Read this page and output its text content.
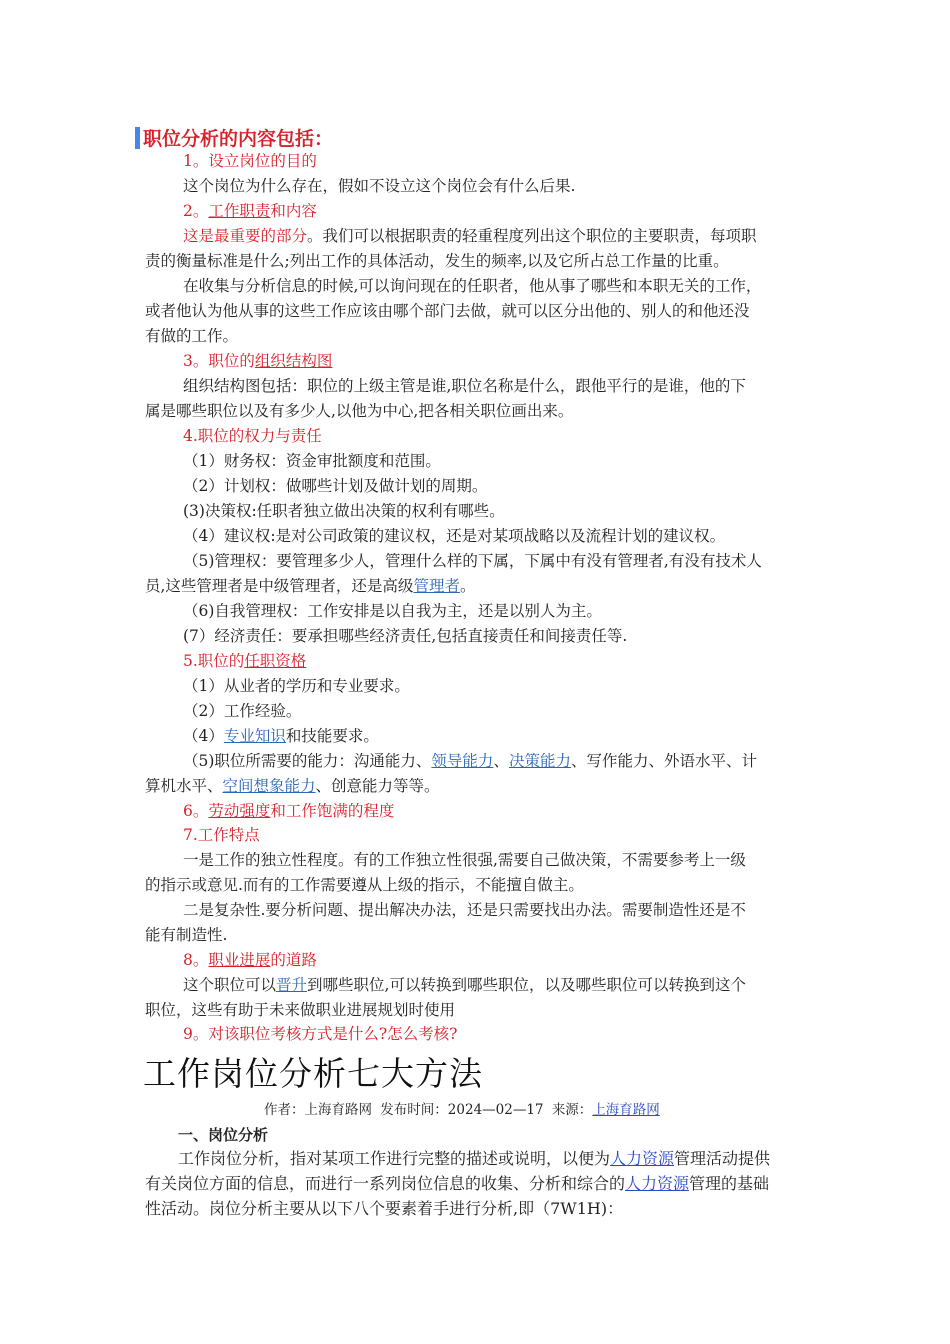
职位分析的内容包括：
1。设立岗位的目的
这个岗位为什么存在，假如不设立这个岗位会有什么后果.
2。工作职责和内容
这是最重要的部分。我们可以根据职责的轻重程度列出这个职位的主要职责，每项职
责的衡量标准是什么;列出工作的具体活动，发生的频率,以及它所占总工作量的比重。
在收集与分析信息的时候,可以询问现在的任职者，他从事了哪些和本职无关的工作，
或者他认为他从事的这些工作应该由哪个部门去做，就可以区分出他的、别人的和他还没
有做的工作。
3。职位的组织结构图
组织结构图包括：职位的上级主管是谁,职位名称是什么，跟他平行的是谁，他的下
属是哪些职位以及有多少人,以他为中心,把各相关职位画出来。
4.职位的权力与责任
（1）财务权：资金审批额度和范围。
（2）计划权：做哪些计划及做计划的周期。
(3)决策权:任职者独立做出决策的权利有哪些。
（4）建议权:是对公司政策的建议权，还是对某项战略以及流程计划的建议权。
（5)管理权：要管理多少人，管理什么样的下属，下属中有没有管理者,有没有技术人
员,这些管理者是中级管理者，还是高级管理者。
（6)自我管理权：工作安排是以自我为主，还是以别人为主。
(7）经济责任：要承担哪些经济责任,包括直接责任和间接责任等.
5.职位的任职资格
（1）从业者的学历和专业要求。
（2）工作经验。
（4）专业知识和技能要求。
（5)职位所需要的能力：沟通能力、领导能力、决策能力、写作能力、外语水平、计
算机水平、空间想象能力、创意能力等等。
6。劳动强度和工作饱满的程度
7.工作特点
一是工作的独立性程度。有的工作独立性很强,需要自己做决策，不需要参考上一级
的指示或意见.而有的工作需要遵从上级的指示，不能擅自做主。
二是复杂性.要分析问题、提出解决办法，还是只需要找出办法。需要制造性还是不
能有制造性.
8。职业进展的道路
这个职位可以晋升到哪些职位,可以转换到哪些职位，以及哪些职位可以转换到这个
职位，这些有助于未来做职业进展规划时使用
9。对该职位考核方式是什么?怎么考核?
工作岗位分析七大方法
作者：上海育路网 发布时间：2024—02—17 来源：上海育路网
一、岗位分析
工作岗位分析，指对某项工作进行完整的描述或说明，以便为人力资源管理活动提供
有关岗位方面的信息，而进行一系列岗位信息的收集、分析和综合的人力资源管理的基础
性活动。岗位分析主要从以下八个要素着手进行分析,即（7W1H)：
